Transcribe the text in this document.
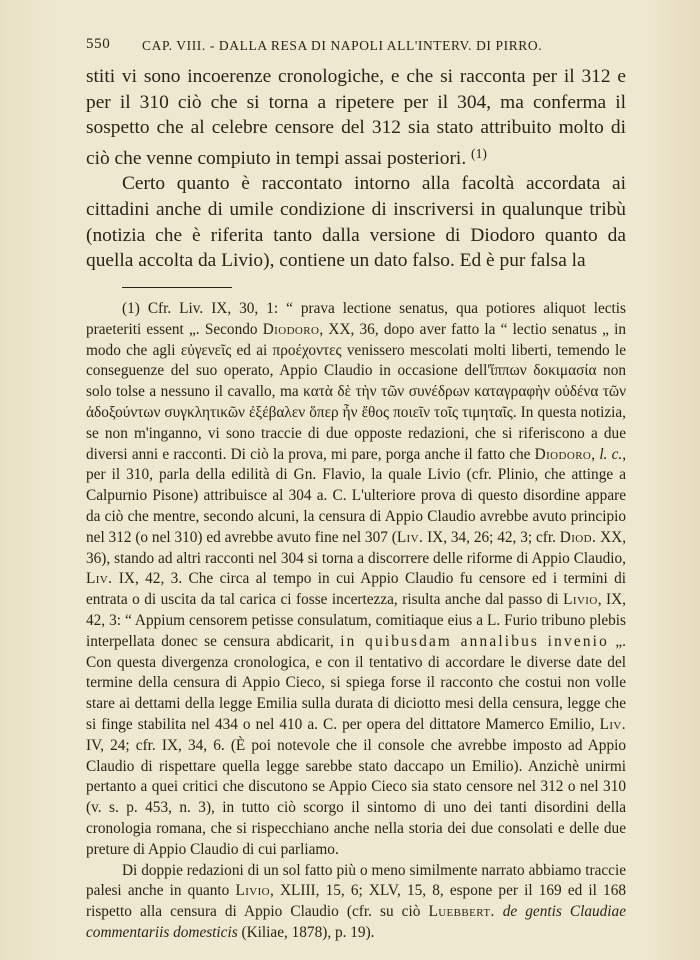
550 CAP. VIII. - DALLA RESA DI NAPOLI ALL'INTERV. DI PIRRO.

stiti vi sono incoerenze cronologiche, e che si racconta per il 312 e per il 310 ciò che si torna a ripetere per il 304, ma conferma il sospetto che al celebre censore del 312 sia stato attribuito molto di ciò che venne compiuto in tempi assai posteriori. $^{(1)}$

Certo quanto è raccontato intorno alla facoltà accordata ai cittadini anche di umile condizione di inscriversi in qualunque tribù (notizia che è riferita tanto dalla versione di Diodoro quanto da quella accolta da Livio), contiene un dato falso. Ed è pur falsa la

(1) Cfr. Liv. IX, 30, 1: “ prava lectione senatus, qua potiores aliquot lectis praeteriti essent „. Secondo Diodoro, XX, 36, dopo aver fatto la “ lectio senatus „ in modo che agli εὐγενεῖς ed ai προέχοντες venissero mescolati molti liberti, temendo le conseguenze del suo operato, Appio Claudio in occasione dell'ἵππων δοκιμασία non solo tolse a nessuno il cavallo, ma κατὰ δὲ τὴν τῶν συνέδρων καταγραφὴν οὐδένα τῶν ἀδοξούντων συγκλητικῶν ἐξέβαλεν ὅπερ ἦν ἔθος ποιεῖν τοῖς τιμηταῖς. In questa notizia, se non m'inganno, vi sono traccie di due opposte redazioni, che si riferiscono a due diversi anni e racconti. Di ciò la prova, mi pare, porga anche il fatto che Diodoro, l. c., per il 310, parla della edilità di Gn. Flavio, la quale Livio (cfr. Plinio, che attinge a Calpurnio Pisone) attribuisce al 304 a. C. L'ulteriore prova di questo disordine appare da ciò che mentre, secondo alcuni, la censura di Appio Claudio avrebbe avuto principio nel 312 (o nel 310) ed avrebbe avuto fine nel 307 (Liv. IX, 34, 26; 42, 3; cfr. Diod. XX, 36), stando ad altri racconti nel 304 si torna a discorrere delle riforme di Appio Claudio, Liv. IX, 42, 3. Che circa al tempo in cui Appio Claudio fu censore ed i termini di entrata o di uscita da tal carica ci fosse incertezza, risulta anche dal passo di Livio, IX, 42, 3: “ Appium censorem petisse consulatum, comitiaque eius a L. Furio tribuno plebis interpellata donec se censura abdicarit, in quibusdam annalibus invenio „. Con questa divergenza cronologica, e con il tentativo di accordare le diverse date del termine della censura di Appio Cieco, si spiega forse il racconto che costui non volle stare ai dettami della legge Emilia sulla durata di diciotto mesi della censura, legge che si finge stabilita nel 434 o nel 410 a. C. per opera del dittatore Mamerco Emilio, Liv. IV, 24; cfr. IX, 34, 6. (È poi notevole che il console che avrebbe imposto ad Appio Claudio di rispettare quella legge sarebbe stato daccapo un Emilio). Anzichè unirmi pertanto a quei critici che discutono se Appio Cieco sia stato censore nel 312 o nel 310 (v. s. p. 453, n. 3), in tutto ciò scorgo il sintomo di uno dei tanti disordini della cronologia romana, che si rispecchiano anche nella storia dei due consolati e delle due preture di Appio Claudio di cui parliamo.

Di doppie redazioni di un sol fatto più o meno similmente narrato abbiamo traccie palesi anche in quanto Livio, XLIII, 15, 6; XLV, 15, 8, espone per il 169 ed il 168 rispetto alla censura di Appio Claudio (cfr. su ciò Luebbert. de gentis Claudiae commentariis domesticis (Kiliae, 1878), p. 19).
